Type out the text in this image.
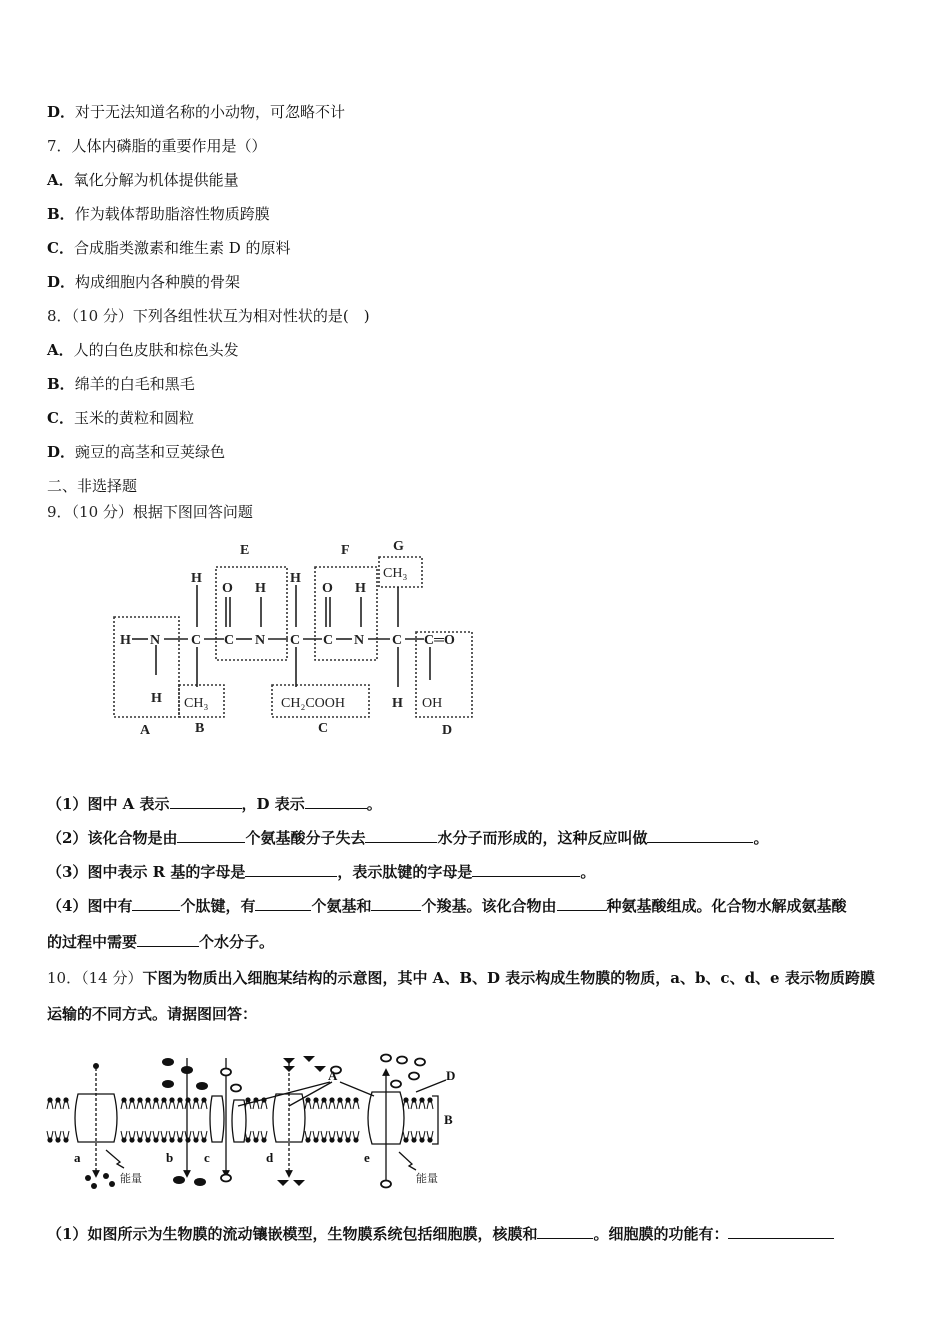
D．对于无法知道名称的小动物，可忽略不计
7．人体内磷脂的重要作用是（）
A．氧化分解为机体提供能量
B．作为载体帮助脂溶性物质跨膜
C．合成脂类激素和维生素 D 的原料
D．构成细胞内各种膜的骨架
8．（10 分）下列各组性状互为相对性状的是(　)
A．人的白色皮肤和棕色头发
B．绵羊的白毛和黑毛
C．玉米的黄粒和圆粒
D．豌豆的高茎和豆荚绿色
二、非选择题
9．（10 分）根据下图回答问题
H N
H
H
C
CH₃
O H
C N
H
C
CH₂COOH
O H
C N
CH₃
C
H
C═O
OH
A	B	C	D
E	F	G
（1）图中 A 表示	，D 表示	。
（2）该化合物是由	个氨基酸分子失去	水分子而形成的，这种反应叫做	。
（3）图中表示 R 基的字母是	，表示肽键的字母是	。
（4）图中有	个肽键，有	个氨基和	个羧基。该化合物由	种氨基酸组成。化合物水解成氨基酸
的过程中需要	个水分子。
10．（14 分）下图为物质出入细胞某结构的示意图，其中 A、B、D 表示构成生物膜的物质，a、b、c、d、e 表示物质跨膜
运输的不同方式。请据图回答：
a	b c	d	e
A	D
B
能量	能量
（1）如图所示为生物膜的流动镶嵌模型，生物膜系统包括细胞膜，核膜和	。细胞膜的功能有：
